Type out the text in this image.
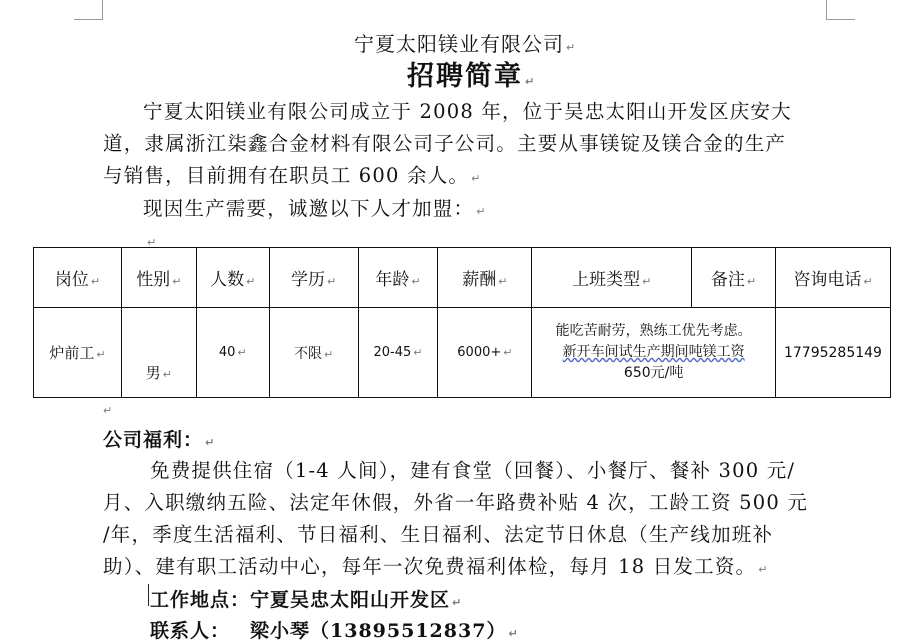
宁夏太阳镁业有限公司 ↵
招聘简章 ↵
宁夏太阳镁业有限公司成立于 2008 年，位于吴忠太阳山开发区庆安大
道，隶属浙江柒鑫合金材料有限公司子公司。主要从事镁锭及镁合金的生产
与销售，目前拥有在职员工 600 余人。 ↵
现因生产需要，诚邀以下人才加盟： ↵
↵
岗位 ↵	性别 ↵	人数 ↵	学历 ↵	年龄 ↵	薪酬 ↵	上班类型 ↵	备注 ↵	咨询电话 ↵
炉前工 ↵	男 ↵	40 ↵	不限 ↵	20-45 ↵	6000+ ↵	能吃苦耐劳，熟练工优先考虑。
新开车间试生产期间吨镁工资
650元/吨		17795285149
↵
公司福利： ↵
免费提供住宿（1-4 人间），建有食堂（回餐）、小餐厅、餐补 300 元/
月、入职缴纳五险、法定年休假，外省一年路费补贴 4 次，工龄工资 500 元
/年，季度生活福利、节日福利、生日福利、法定节日休息（生产线加班补
助）、建有职工活动中心，每年一次免费福利体检，每月 18 日发工资。 ↵
工作地点：宁夏吴忠太阳山开发区 ↵
联系人： 梁小琴（13895512837） ↵
